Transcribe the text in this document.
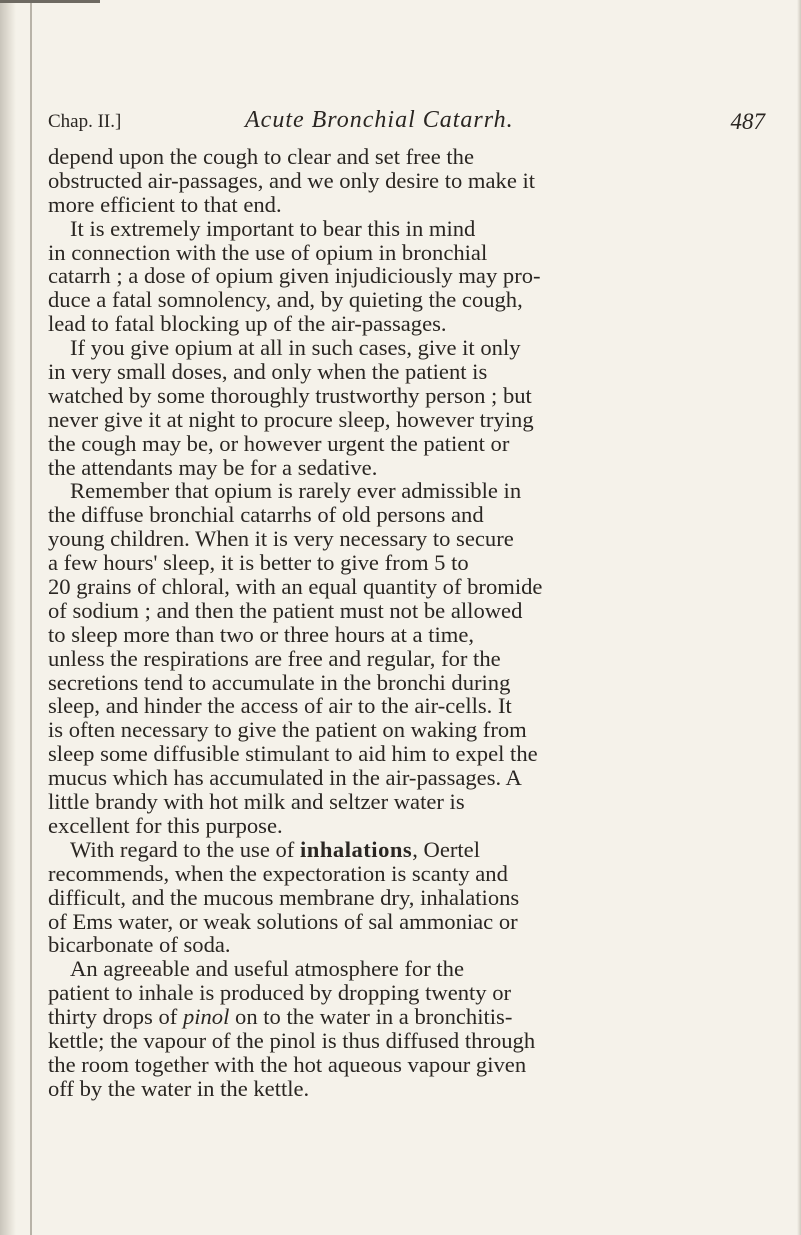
Chap. II.]	Acute Bronchial Catarrh.	487
depend upon the cough to clear and set free the
obstructed air-passages, and we only desire to make it
more efficient to that end.
It is extremely important to bear this in mind
in connection with the use of opium in bronchial
catarrh ; a dose of opium given injudiciously may pro-
duce a fatal somnolency, and, by quieting the cough,
lead to fatal blocking up of the air-passages.
If you give opium at all in such cases, give it only
in very small doses, and only when the patient is
watched by some thoroughly trustworthy person ; but
never give it at night to procure sleep, however trying
the cough may be, or however urgent the patient or
the attendants may be for a sedative.
Remember that opium is rarely ever admissible in
the diffuse bronchial catarrhs of old persons and
young children. When it is very necessary to secure
a few hours' sleep, it is better to give from 5 to
20 grains of chloral, with an equal quantity of bromide
of sodium ; and then the patient must not be allowed
to sleep more than two or three hours at a time,
unless the respirations are free and regular, for the
secretions tend to accumulate in the bronchi during
sleep, and hinder the access of air to the air-cells. It
is often necessary to give the patient on waking from
sleep some diffusible stimulant to aid him to expel the
mucus which has accumulated in the air-passages. A
little brandy with hot milk and seltzer water is
excellent for this purpose.
With regard to the use of inhalations, Oertel
recommends, when the expectoration is scanty and
difficult, and the mucous membrane dry, inhalations
of Ems water, or weak solutions of sal ammoniac or
bicarbonate of soda.
An agreeable and useful atmosphere for the
patient to inhale is produced by dropping twenty or
thirty drops of pinol on to the water in a bronchitis-
kettle; the vapour of the pinol is thus diffused through
the room together with the hot aqueous vapour given
off by the water in the kettle.
